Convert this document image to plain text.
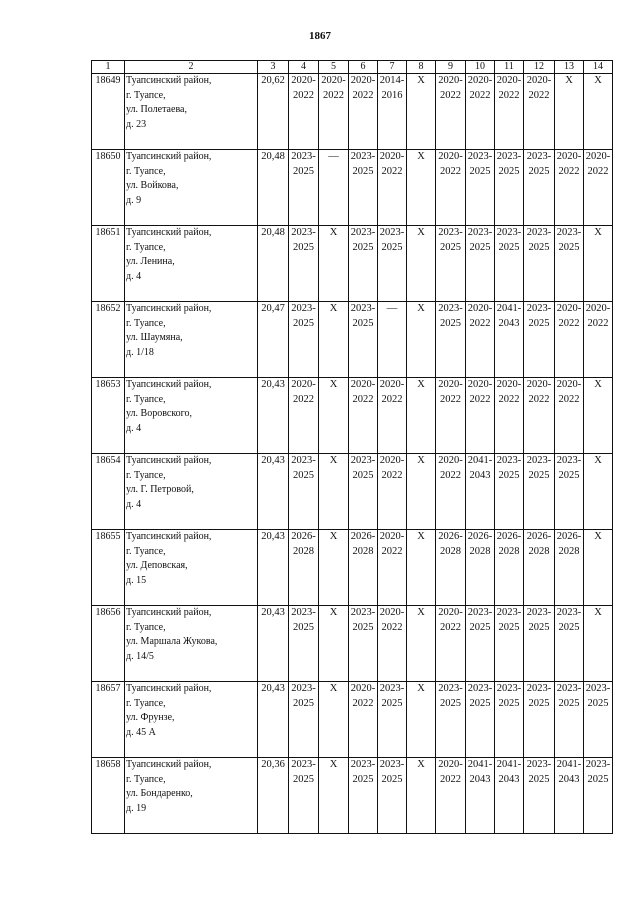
1867
1	2	3	4	5	6	7	8	9	10	11	12	13	14
18649	Туапсинский район,
г. Туапсе,
ул. Полетаева,
д. 23	20,62	2020-
2022	2020-
2022	2020-
2022	2014-
2016	Х	2020-
2022	2020-
2022	2020-
2022	2020-
2022	Х	Х

18650	Туапсинский район,
г. Туапсе,
ул. Войкова,
д. 9	20,48	2023-
2025	—	2023-
2025	2020-
2022	Х	2020-
2022	2023-
2025	2023-
2025	2023-
2025	2020-
2022	2020-
2022

18651	Туапсинский район,
г. Туапсе,
ул. Ленина,
д. 4	20,48	2023-
2025	Х	2023-
2025	2023-
2025	Х	2023-
2025	2023-
2025	2023-
2025	2023-
2025	2023-
2025	Х

18652	Туапсинский район,
г. Туапсе,
ул. Шаумяна,
д. 1/18	20,47	2023-
2025	Х	2023-
2025	—	Х	2023-
2025	2020-
2022	2041-
2043	2023-
2025	2020-
2022	2020-
2022

18653	Туапсинский район,
г. Туапсе,
ул. Воровского,
д. 4	20,43	2020-
2022	Х	2020-
2022	2020-
2022	Х	2020-
2022	2020-
2022	2020-
2022	2020-
2022	2020-
2022	Х

18654	Туапсинский район,
г. Туапсе,
ул. Г. Петровой,
д. 4	20,43	2023-
2025	Х	2023-
2025	2020-
2022	Х	2020-
2022	2041-
2043	2023-
2025	2023-
2025	2023-
2025	Х

18655	Туапсинский район,
г. Туапсе,
ул. Деповская,
д. 15	20,43	2026-
2028	Х	2026-
2028	2020-
2022	Х	2026-
2028	2026-
2028	2026-
2028	2026-
2028	2026-
2028	Х

18656	Туапсинский район,
г. Туапсе,
ул. Маршала Жукова,
д. 14/5	20,43	2023-
2025	Х	2023-
2025	2020-
2022	Х	2020-
2022	2023-
2025	2023-
2025	2023-
2025	2023-
2025	Х

18657	Туапсинский район,
г. Туапсе,
ул. Фрунзе,
д. 45 А	20,43	2023-
2025	Х	2020-
2022	2023-
2025	Х	2023-
2025	2023-
2025	2023-
2025	2023-
2025	2023-
2025	2023-
2025

18658	Туапсинский район,
г. Туапсе,
ул. Бондаренко,
д. 19	20,36	2023-
2025	Х	2023-
2025	2023-
2025	Х	2020-
2022	2041-
2043	2041-
2043	2023-
2025	2041-
2043	2023-
2025
